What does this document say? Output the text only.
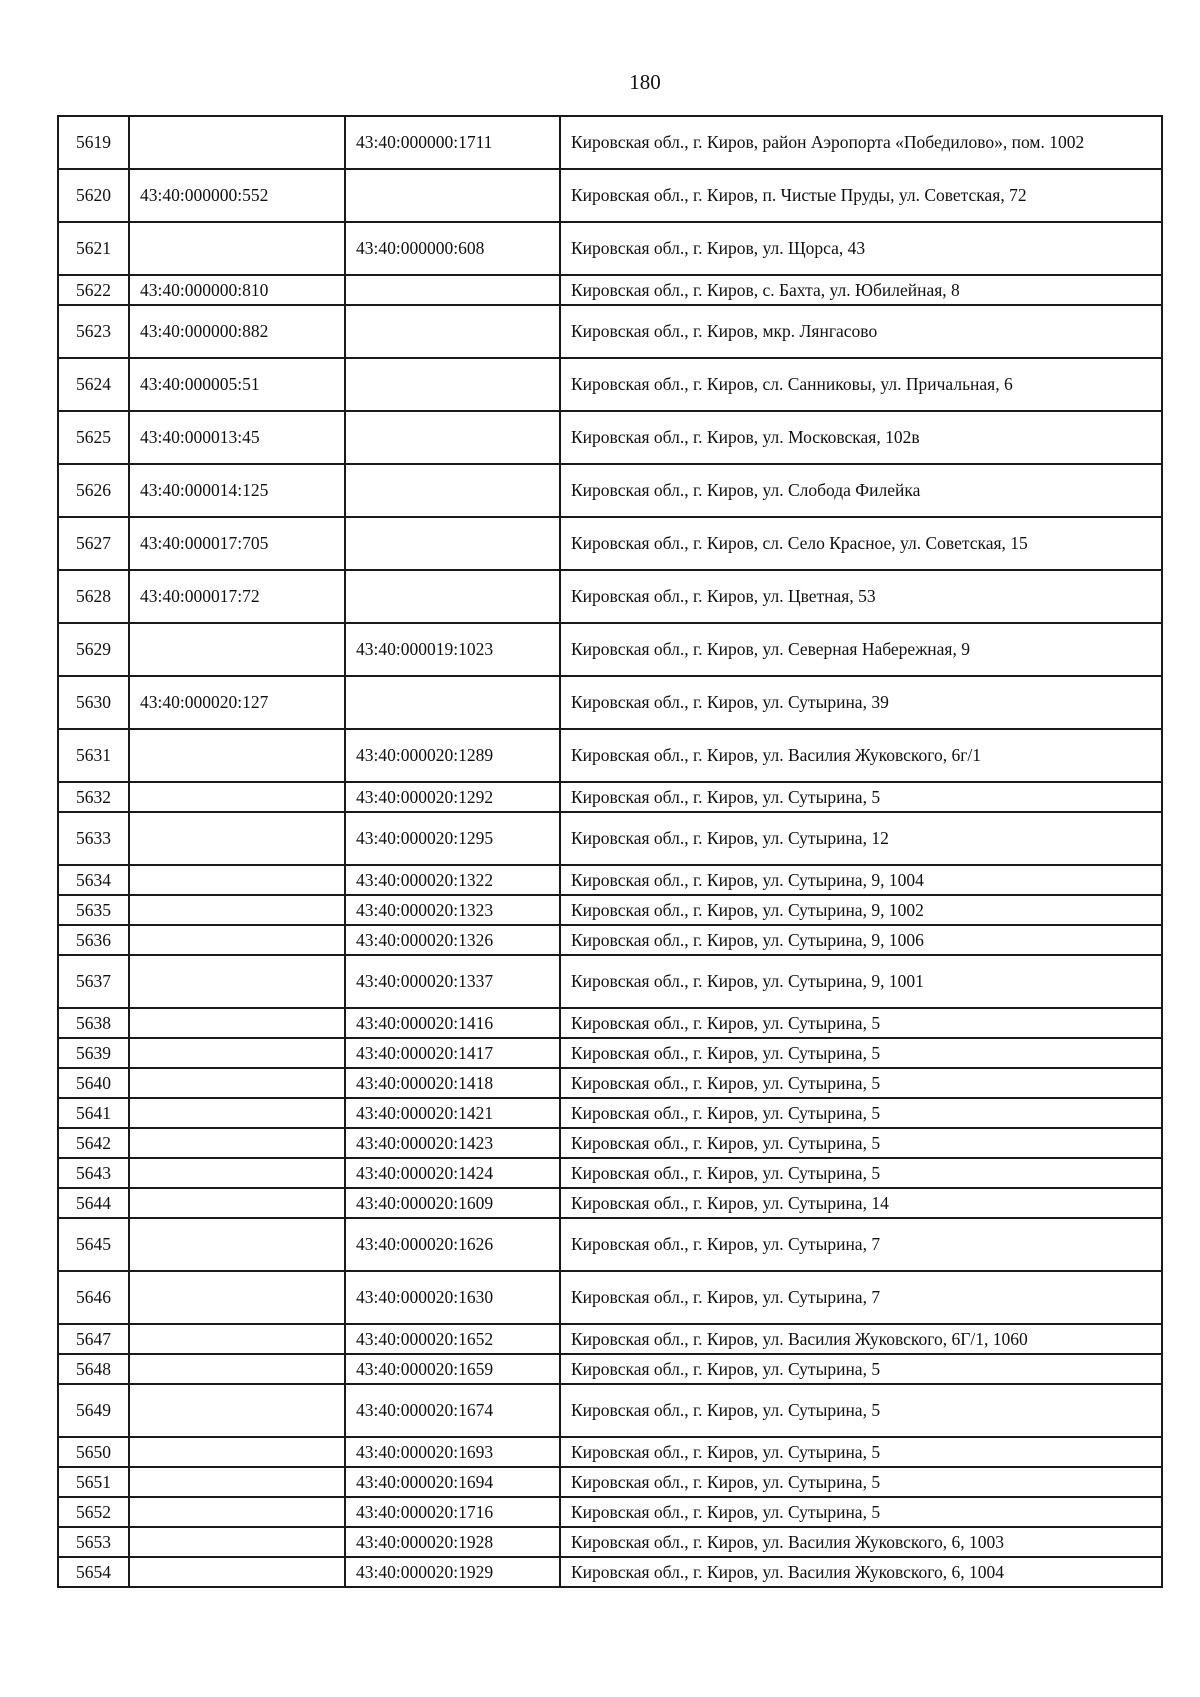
180
5619		43:40:000000:1711	Кировская обл., г. Киров, район Аэропорта «Победилово», пом. 1002
5620	43:40:000000:552		Кировская обл., г. Киров, п. Чистые Пруды, ул. Советская, 72
5621		43:40:000000:608	Кировская обл., г. Киров, ул. Щорса, 43
5622	43:40:000000:810		Кировская обл., г. Киров, с. Бахта, ул. Юбилейная, 8
5623	43:40:000000:882		Кировская обл., г. Киров, мкр. Лянгасово
5624	43:40:000005:51		Кировская обл., г. Киров, сл. Санниковы, ул. Причальная, 6
5625	43:40:000013:45		Кировская обл., г. Киров, ул. Московская, 102в
5626	43:40:000014:125		Кировская обл., г. Киров, ул. Слобода Филейка
5627	43:40:000017:705		Кировская обл., г. Киров, сл. Село Красное, ул. Советская, 15
5628	43:40:000017:72		Кировская обл., г. Киров, ул. Цветная, 53
5629		43:40:000019:1023	Кировская обл., г. Киров, ул. Северная Набережная, 9
5630	43:40:000020:127		Кировская обл., г. Киров, ул. Сутырина, 39
5631		43:40:000020:1289	Кировская обл., г. Киров, ул. Василия Жуковского, 6г/1
5632		43:40:000020:1292	Кировская обл., г. Киров, ул. Сутырина, 5
5633		43:40:000020:1295	Кировская обл., г. Киров, ул. Сутырина, 12
5634		43:40:000020:1322	Кировская обл., г. Киров, ул. Сутырина, 9, 1004
5635		43:40:000020:1323	Кировская обл., г. Киров, ул. Сутырина, 9, 1002
5636		43:40:000020:1326	Кировская обл., г. Киров, ул. Сутырина, 9, 1006
5637		43:40:000020:1337	Кировская обл., г. Киров, ул. Сутырина, 9, 1001
5638		43:40:000020:1416	Кировская обл., г. Киров, ул. Сутырина, 5
5639		43:40:000020:1417	Кировская обл., г. Киров, ул. Сутырина, 5
5640		43:40:000020:1418	Кировская обл., г. Киров, ул. Сутырина, 5
5641		43:40:000020:1421	Кировская обл., г. Киров, ул. Сутырина, 5
5642		43:40:000020:1423	Кировская обл., г. Киров, ул. Сутырина, 5
5643		43:40:000020:1424	Кировская обл., г. Киров, ул. Сутырина, 5
5644		43:40:000020:1609	Кировская обл., г. Киров, ул. Сутырина, 14
5645		43:40:000020:1626	Кировская обл., г. Киров, ул. Сутырина, 7
5646		43:40:000020:1630	Кировская обл., г. Киров, ул. Сутырина, 7
5647		43:40:000020:1652	Кировская обл., г. Киров, ул. Василия Жуковского, 6Г/1, 1060
5648		43:40:000020:1659	Кировская обл., г. Киров, ул. Сутырина, 5
5649		43:40:000020:1674	Кировская обл., г. Киров, ул. Сутырина, 5
5650		43:40:000020:1693	Кировская обл., г. Киров, ул. Сутырина, 5
5651		43:40:000020:1694	Кировская обл., г. Киров, ул. Сутырина, 5
5652		43:40:000020:1716	Кировская обл., г. Киров, ул. Сутырина, 5
5653		43:40:000020:1928	Кировская обл., г. Киров, ул. Василия Жуковского, 6, 1003
5654		43:40:000020:1929	Кировская обл., г. Киров, ул. Василия Жуковского, 6, 1004
